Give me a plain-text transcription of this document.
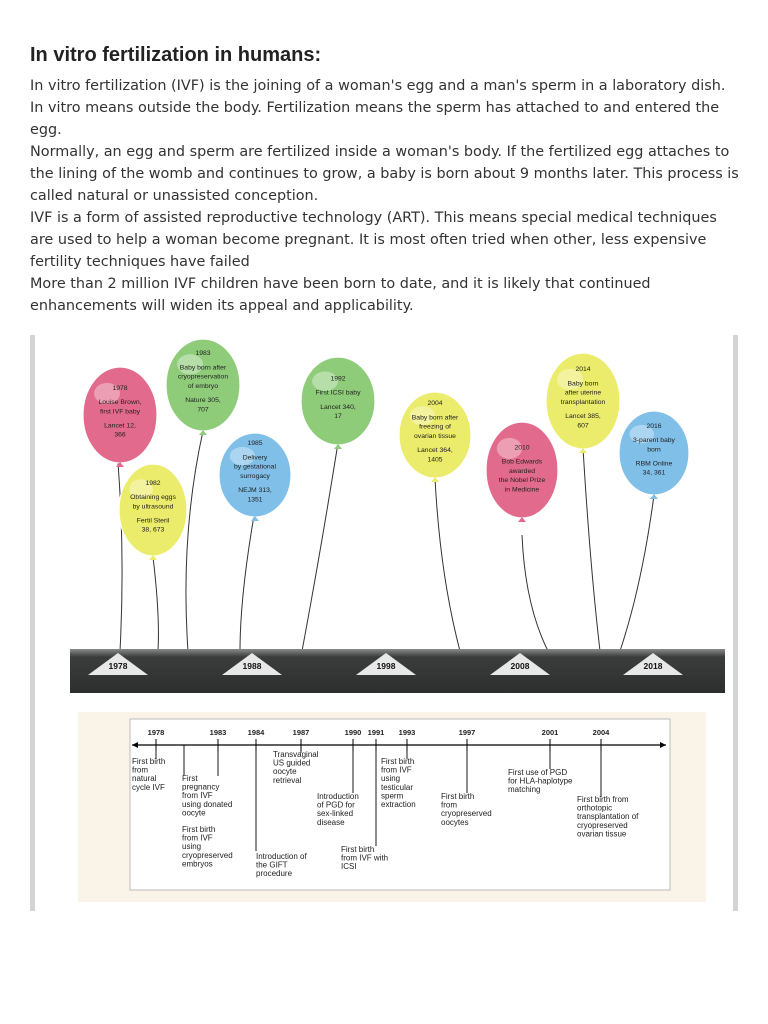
In vitro fertilization in humans:

In vitro fertilization (IVF) is the joining of a woman's egg and a man's sperm in a laboratory dish. In vitro means outside the body. Fertilization means the sperm has attached to and entered the egg.

Normally, an egg and sperm are fertilized inside a woman's body. If the fertilized egg attaches to the lining of the womb and continues to grow, a baby is born about 9 months later. This process is called natural or unassisted conception.

IVF is a form of assisted reproductive technology (ART). This means special medical techniques are used to help a woman become pregnant. It is most often tried when other, less expensive fertility techniques have failed

More than 2 million IVF children have been born to date, and it is likely that continued enhancements will widen its appeal and applicability.

1978
Louise Brown,
first IVF baby
Lancet 12,
366
1982
Obtaining eggs
by ultrasound
Fertil Steril
38, 673
1983
Baby born after
cryopreservation
of embryo
Nature 305,
707
1985
Delivery
by gestational
surrogacy
NEJM 313,
1351
1992
First ICSI baby
Lancet 340,
17
2004
Baby born after
freezing of
ovarian tissue
Lancet 364,
1405
2010
Bob Edwards
awarded
the Nobel Prize
in Medicine
2014
Baby born
after uterine
transplantation
Lancet 385,
607	2016
3-parent baby
born
RBM Online
34, 361
1978	1988	1998	2008	2018
1978	1983	1984	1987	1990 1991 1993	1997	2001	2004
First birth
from
natural
cycle IVF
First
pregnancy
from IVF
using donated
oocyte
First birth
from IVF
using
cryopreserved
embryos
Introduction of
the GIFT
procedure
Transvaginal
US guided
oocyte
retrieval
Introduction
of PGD for
sex-linked
disease
First birth
from IVF with
ICSI
First birth
from IVF
using
testicular
sperm
extraction
First birth
from
cryopreserved
oocytes
First use of PGD
for HLA-haplotype
matching
First birth from
orthotopic
transplantation of
cryopreserved
ovarian tissue
